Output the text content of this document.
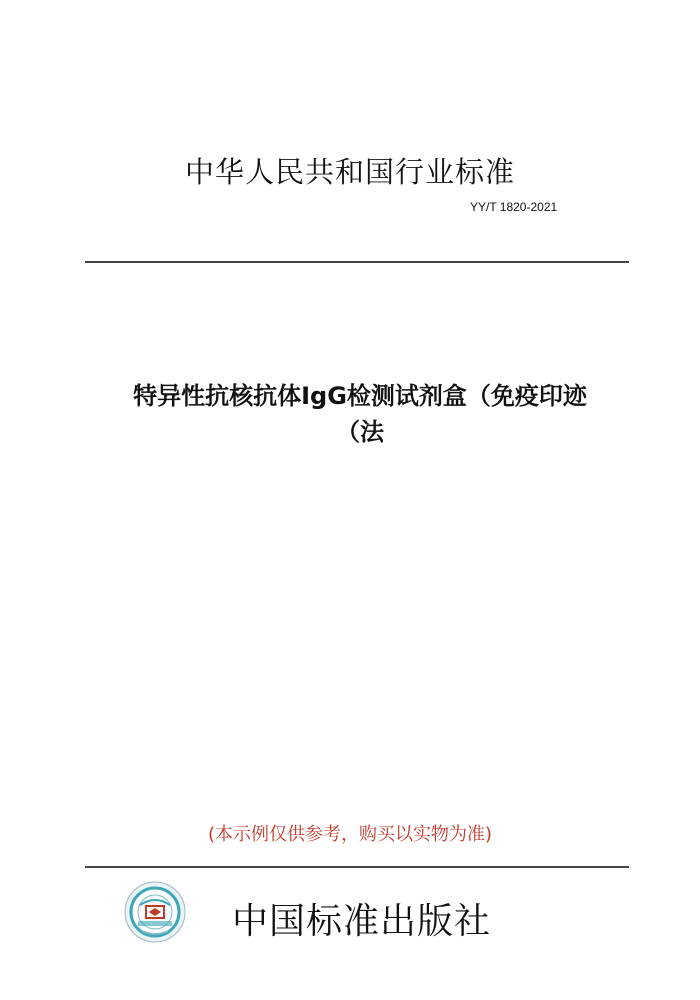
中华人民共和国行业标准
YY/T 1820-2021
特异性抗核抗体IgG检测试剂盒（免疫印迹
（法
(本示例仅供参考，购买以实物为准)
中国标准出版社
